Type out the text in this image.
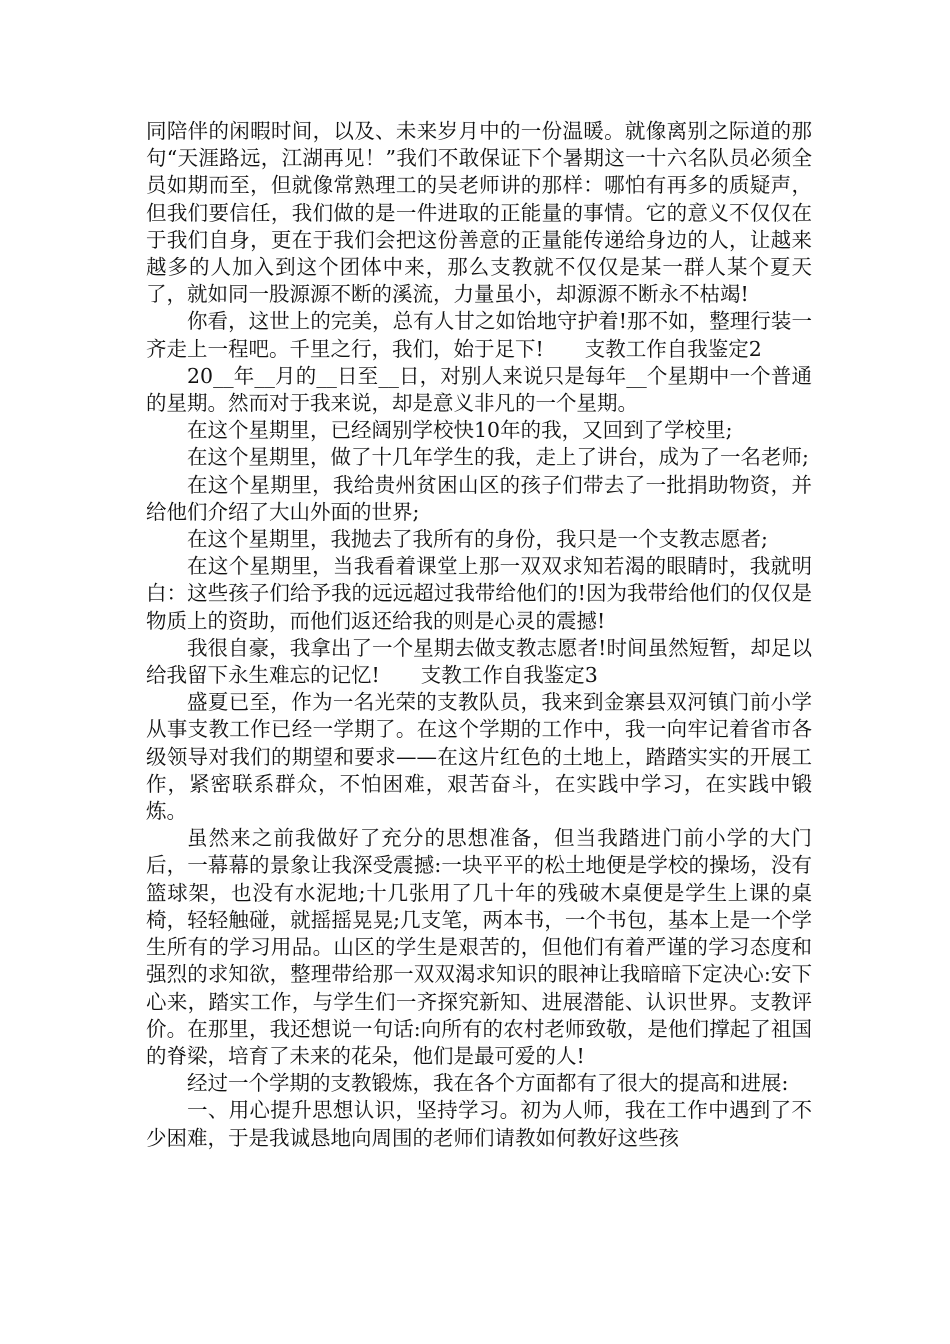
同陪伴的闲暇时间，以及、未来岁月中的一份温暖。就像离别之际道的那句“天涯路远，江湖再见！”我们不敢保证下个暑期这一十六名队员必须全员如期而至，但就像常熟理工的吴老师讲的那样：哪怕有再多的质疑声，但我们要信任，我们做的是一件进取的正能量的事情。它的意义不仅仅在于我们自身，更在于我们会把这份善意的正量能传递给身边的人，让越来越多的人加入到这个团体中来，那么支教就不仅仅是某一群人某个夏天了，就如同一股源源不断的溪流，力量虽小，却源源不断永不枯竭!

你看，这世上的完美，总有人甘之如饴地守护着!那不如，整理行装一齐走上一程吧。千里之行，我们，始于足下! 支教工作自我鉴定2

20__年__月的__日至__日，对别人来说只是每年__个星期中一个普通的星期。然而对于我来说，却是意义非凡的一个星期。

在这个星期里，已经阔别学校快10年的我，又回到了学校里;

在这个星期里，做了十几年学生的我，走上了讲台，成为了一名老师;

在这个星期里，我给贵州贫困山区的孩子们带去了一批捐助物资，并给他们介绍了大山外面的世界;

在这个星期里，我抛去了我所有的身份，我只是一个支教志愿者;

在这个星期里，当我看着课堂上那一双双求知若渴的眼睛时，我就明白：这些孩子们给予我的远远超过我带给他们的!因为我带给他们的仅仅是物质上的资助，而他们返还给我的则是心灵的震撼!

我很自豪，我拿出了一个星期去做支教志愿者!时间虽然短暂，却足以给我留下永生难忘的记忆! 支教工作自我鉴定3

盛夏已至，作为一名光荣的支教队员，我来到金寨县双河镇门前小学从事支教工作已经一学期了。在这个学期的工作中，我一向牢记着省市各级领导对我们的期望和要求——在这片红色的土地上，踏踏实实的开展工作，紧密联系群众，不怕困难，艰苦奋斗，在实践中学习，在实践中锻炼。

虽然来之前我做好了充分的思想准备，但当我踏进门前小学的大门后，一幕幕的景象让我深受震撼:一块平平的松土地便是学校的操场，没有篮球架，也没有水泥地;十几张用了几十年的残破木桌便是学生上课的桌椅，轻轻触碰，就摇摇晃晃;几支笔，两本书，一个书包，基本上是一个学生所有的学习用品。山区的学生是艰苦的，但他们有着严谨的学习态度和强烈的求知欲，整理带给那一双双渴求知识的眼神让我暗暗下定决心:安下心来，踏实工作，与学生们一齐探究新知、进展潜能、认识世界。支教评价。在那里，我还想说一句话:向所有的农村老师致敬，是他们撑起了祖国的脊梁，培育了未来的花朵，他们是最可爱的人!

经过一个学期的支教锻炼，我在各个方面都有了很大的提高和进展:

一、用心提升思想认识，坚持学习。初为人师，我在工作中遇到了不少困难，于是我诚恳地向周围的老师们请教如何教好这些孩
